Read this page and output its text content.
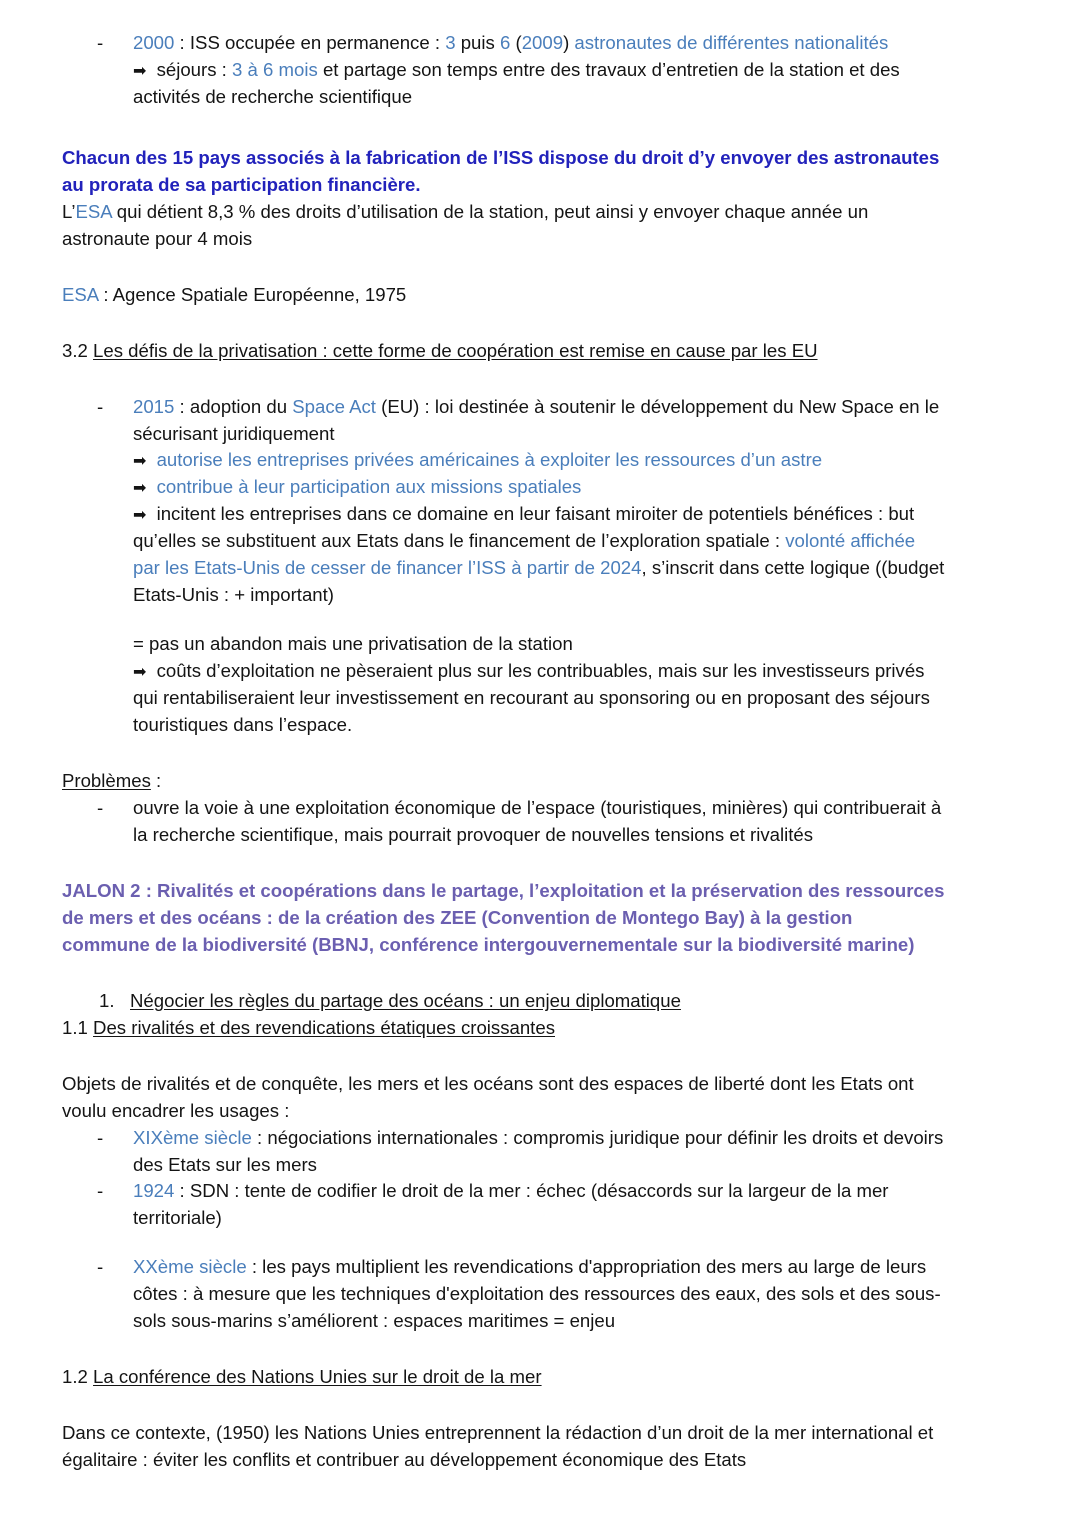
-	2000 : ISS occupée en permanence : 3 puis 6 (2009) astronautes de différentes nationalités
➡ séjours : 3 à 6 mois et partage son temps entre des travaux d’entretien de la station et des activités de recherche scientifique
Chacun des 15 pays associés à la fabrication de l’ISS dispose du droit d’y envoyer des astronautes au prorata de sa participation financière.
L’ESA qui détient 8,3 % des droits d’utilisation de la station, peut ainsi y envoyer chaque année un astronaute pour 4 mois
ESA : Agence Spatiale Européenne, 1975
3.2 Les défis de la privatisation : cette forme de coopération est remise en cause par les EU
-	2015 : adoption du Space Act (EU) : loi destinée à soutenir le développement du New Space en le sécurisant juridiquement
➡ autorise les entreprises privées américaines à exploiter les ressources d’un astre
➡ contribue à leur participation aux missions spatiales
➡ incitent les entreprises dans ce domaine en leur faisant miroiter de potentiels bénéfices : but qu’elles se substituent aux Etats dans le financement de l’exploration spatiale : volonté affichée par les Etats-Unis de cesser de financer l’ISS à partir de 2024, s’inscrit dans cette logique ((budget Etats-Unis : + important)
= pas un abandon mais une privatisation de la station
➡ coûts d’exploitation ne pèseraient plus sur les contribuables, mais sur les investisseurs privés qui rentabiliseraient leur investissement en recourant au sponsoring ou en proposant des séjours touristiques dans l’espace.
Problèmes :
-	ouvre la voie à une exploitation économique de l’espace (touristiques, minières) qui contribuerait à la recherche scientifique, mais pourrait provoquer de nouvelles tensions et rivalités
JALON 2 : Rivalités et coopérations dans le partage, l’exploitation et la préservation des ressources de mers et des océans : de la création des ZEE (Convention de Montego Bay) à la gestion commune de la biodiversité (BBNJ, conférence intergouvernementale sur la biodiversité marine)
1. Négocier les règles du partage des océans : un enjeu diplomatique
1.1 Des rivalités et des revendications étatiques croissantes
Objets de rivalités et de conquête, les mers et les océans sont des espaces de liberté dont les Etats ont voulu encadrer les usages :
-	XIXème siècle : négociations internationales : compromis juridique pour définir les droits et devoirs des Etats sur les mers
-	1924 : SDN : tente de codifier le droit de la mer : échec (désaccords sur la largeur de la mer territoriale)
-	XXème siècle : les pays multiplient les revendications d'appropriation des mers au large de leurs côtes : à mesure que les techniques d'exploitation des ressources des eaux, des sols et des sous-sols sous-marins s’améliorent : espaces maritimes = enjeu
1.2 La conférence des Nations Unies sur le droit de la mer
Dans ce contexte, (1950) les Nations Unies entreprennent la rédaction d’un droit de la mer international et égalitaire : éviter les conflits et contribuer au développement économique des Etats
